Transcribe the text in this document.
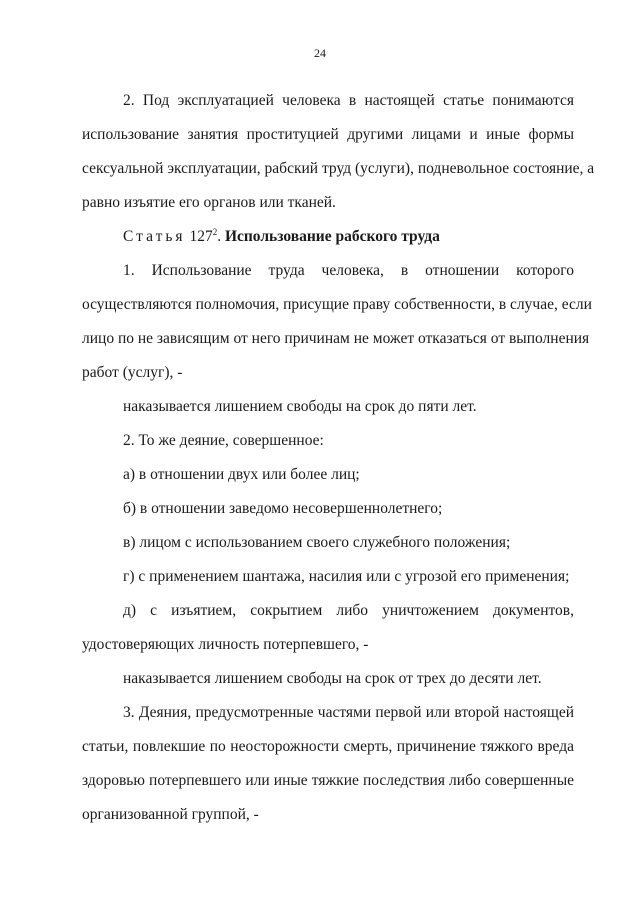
24
2. Под эксплуатацией человека в настоящей статье понимаются
использование занятия проституцией другими лицами и иные формы
сексуальной эксплуатации, рабский труд (услуги), подневольное состояние, а
равно изъятие его органов или тканей.
Статья $127^2$. Использование рабского труда
1. Использование труда человека, в отношении которого
осуществляются полномочия, присущие праву собственности, в случае, если
лицо по не зависящим от него причинам не может отказаться от выполнения
работ (услуг), -
наказывается лишением свободы на срок до пяти лет.
2. То же деяние, совершенное:
а) в отношении двух или более лиц;
б) в отношении заведомо несовершеннолетнего;
в) лицом с использованием своего служебного положения;
г) с применением шантажа, насилия или с угрозой его применения;
д) с изъятием, сокрытием либо уничтожением документов,
удостоверяющих личность потерпевшего, -
наказывается лишением свободы на срок от трех до десяти лет.
3. Деяния, предусмотренные частями первой или второй настоящей
статьи, повлекшие по неосторожности смерть, причинение тяжкого вреда
здоровью потерпевшего или иные тяжкие последствия либо совершенные
организованной группой, -
